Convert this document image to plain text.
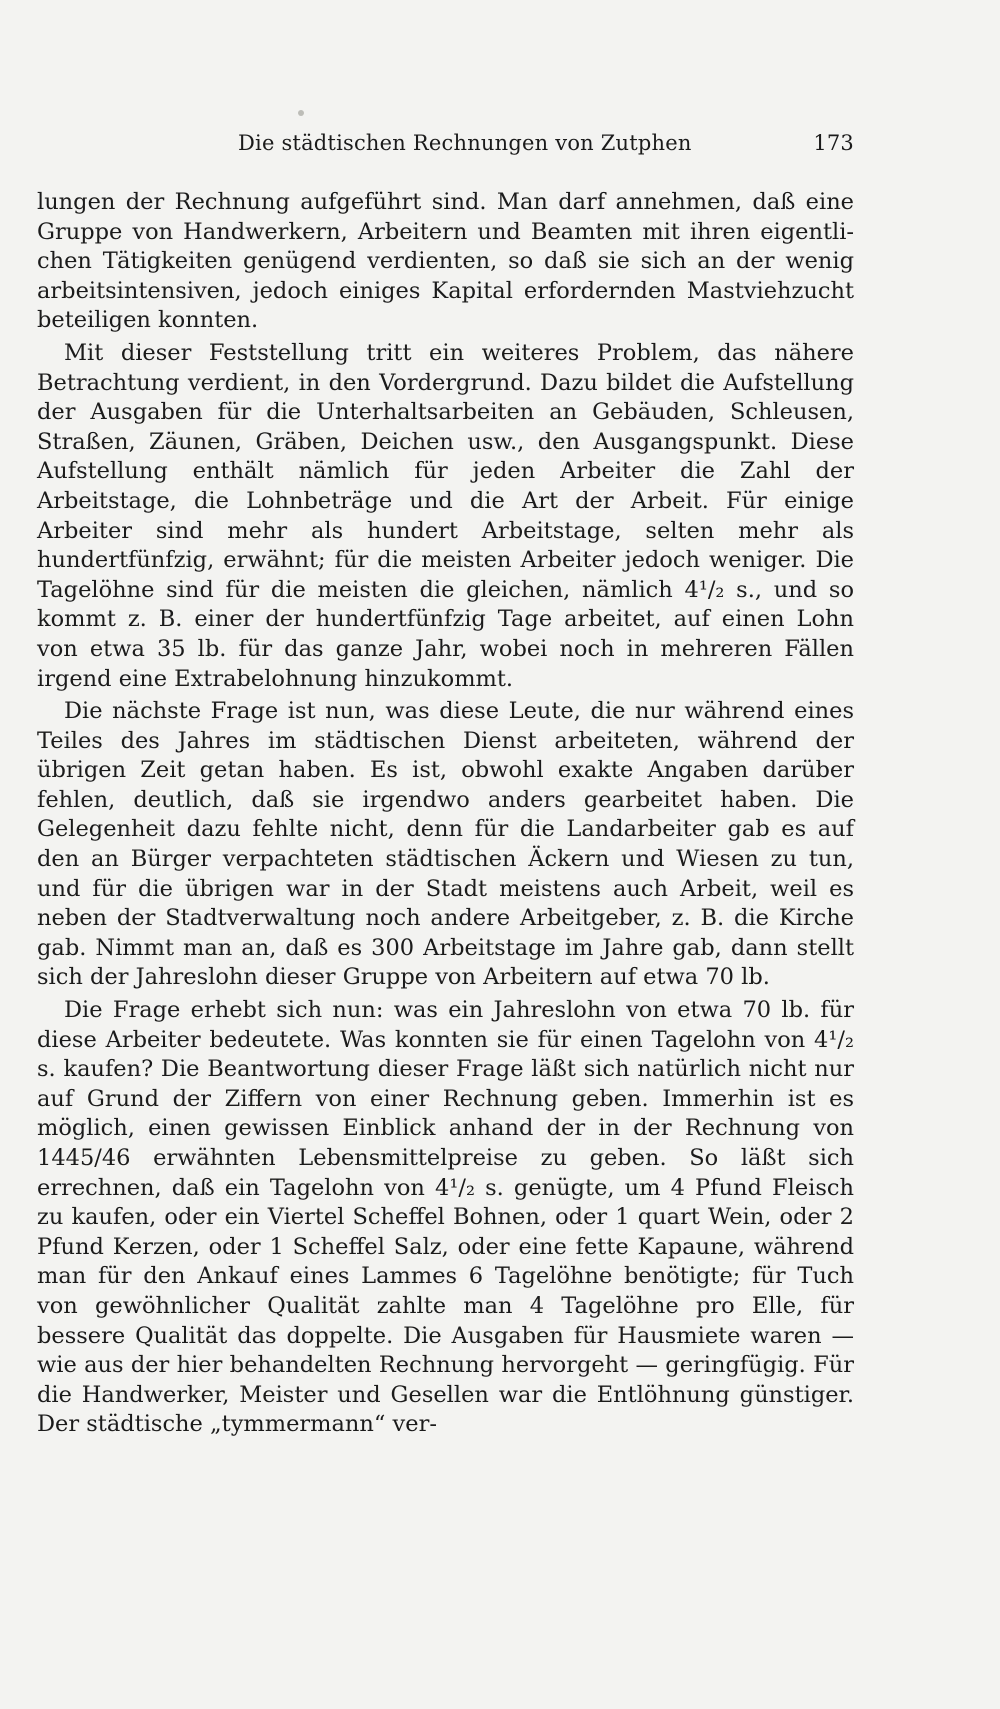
Die städtischen Rechnungen von Zutphen	173

lungen der Rechnung aufgeführt sind. Man darf annehmen, daß eine Gruppe von Handwerkern, Arbeitern und Beamten mit ihren eigentlichen Tätigkeiten genügend verdienten, so daß sie sich an der wenig arbeitsintensiven, jedoch einiges Kapital erfordernden Mastviehzucht beteiligen konnten.

Mit dieser Feststellung tritt ein weiteres Problem, das nähere Betrachtung verdient, in den Vordergrund. Dazu bildet die Aufstellung der Ausgaben für die Unterhaltsarbeiten an Gebäuden, Schleusen, Straßen, Zäunen, Gräben, Deichen usw., den Ausgangspunkt. Diese Aufstellung enthält nämlich für jeden Arbeiter die Zahl der Arbeitstage, die Lohnbeträge und die Art der Arbeit. Für einige Arbeiter sind mehr als hundert Arbeitstage, selten mehr als hundertfünfzig, erwähnt; für die meisten Arbeiter jedoch weniger. Die Tagelöhne sind für die meisten die gleichen, nämlich 4¹/₂ s., und so kommt z. B. einer der hundertfünfzig Tage arbeitet, auf einen Lohn von etwa 35 lb. für das ganze Jahr, wobei noch in mehreren Fällen irgend eine Extrabelohnung hinzukommt.

Die nächste Frage ist nun, was diese Leute, die nur während eines Teiles des Jahres im städtischen Dienst arbeiteten, während der übrigen Zeit getan haben. Es ist, obwohl exakte Angaben darüber fehlen, deutlich, daß sie irgendwo anders gearbeitet haben. Die Gelegenheit dazu fehlte nicht, denn für die Landarbeiter gab es auf den an Bürger verpachteten städtischen Äckern und Wiesen zu tun, und für die übrigen war in der Stadt meistens auch Arbeit, weil es neben der Stadtverwaltung noch andere Arbeitgeber, z. B. die Kirche gab. Nimmt man an, daß es 300 Arbeitstage im Jahre gab, dann stellt sich der Jahreslohn dieser Gruppe von Arbeitern auf etwa 70 lb.

Die Frage erhebt sich nun: was ein Jahreslohn von etwa 70 lb. für diese Arbeiter bedeutete. Was konnten sie für einen Tagelohn von 4¹/₂ s. kaufen? Die Beantwortung dieser Frage läßt sich natürlich nicht nur auf Grund der Ziffern von einer Rechnung geben. Immerhin ist es möglich, einen gewissen Einblick anhand der in der Rechnung von 1445/46 erwähnten Lebensmittelpreise zu geben. So läßt sich errechnen, daß ein Tagelohn von 4¹/₂ s. genügte, um 4 Pfund Fleisch zu kaufen, oder ein Viertel Scheffel Bohnen, oder 1 quart Wein, oder 2 Pfund Kerzen, oder 1 Scheffel Salz, oder eine fette Kapaune, während man für den Ankauf eines Lammes 6 Tagelöhne benötigte; für Tuch von gewöhnlicher Qualität zahlte man 4 Tagelöhne pro Elle, für bessere Qualität das doppelte. Die Ausgaben für Hausmiete waren — wie aus der hier behandelten Rechnung hervorgeht — geringfügig. Für die Handwerker, Meister und Gesellen war die Entlöhnung günstiger. Der städtische „tymmermann“ ver-
